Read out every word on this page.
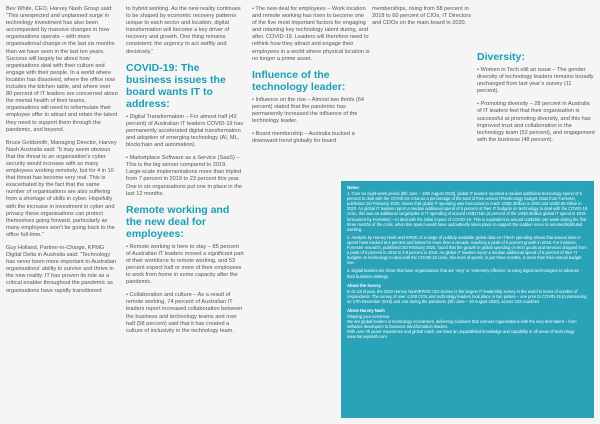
Bev White, CEO, Harvey Nash Group said: “This unexpected and unplanned surge in technology investment has also been accompanied by massive changes in how organisations operate – with more organisational change in the last six months than we have seen in the last ten years. Success will largely be about how organisations deal with their culture and engage with their people. In a world where location has dissolved, where the office now includes the kitchen table, and where over 80 percent of IT leaders are concerned about the mental health of their teams, organisations will need to reformulate their employee offer to attract and retain the talent they need to support them through the pandemic, and beyond.

Bruce Goldsmith, Managing Director, Harvey Nash Australia said: “It may seem obvious that the threat to an organisation’s cyber security would increase with so many employees working remotely, but for 4 in 10 that threat has become very real. This is exacerbated by the fact that the same number of organisations are also suffering from a shortage of skills in cyber. Hopefully with the increase in investment in cyber and privacy these organisations can protect themselves going forward, particularly as many employees won’t be going back to the office full-time.”

Guy Holland, Partner-in-Charge, KPMG Digital Delta in Australia said: “Technology has never been more important to Australian organisations’ ability to survive and thrive in the new reality. IT has proven its role as a critical enabler throughout the pandemic as organisations have rapidly transitioned

to hybrid working. As the new reality continues to be shaped by economic recovery patterns unique to each sector and location, digital transformation will become a key driver of recovery and growth. One thing remains consistent; the urgency to act swiftly and decisively.”

COVID-19: The business issues the board wants IT to address:

• Digital Transformation – For almost half (42 percent) of Australian IT leaders COVID-19 has permanently accelerated digital transformation and adoption of emerging technology (AI, ML, blockchain and automation).

• Marketplace Software as a Service (SaaS) – This is the big winner compared to 2019. Large-scale implementations more than tripled from 7 percent in 2019 to 23 percent this year. One in six organisations put one in place in the last 12 months.

Remote working and the new deal for employees:

• Remote working is here to stay – 85 percent of Australian IT leaders moved a significant part of their workforce to remote working, and 53 percent expect half or more of their employees to work from home in some capacity after the pandemic.

• Collaboration and culture – As a result of remote working, 74 percent of Australian IT leaders report increased collaboration between the business and technology teams and over half (58 percent) said that it has created a culture of inclusivity in the technology team.

• The new deal for employees – Work location and remote working has risen to become one of the five most important factors for engaging and retaining key technology talent during, and after, COVID-19. Leaders will therefore need to rethink how they attract and engage their employees in a world where physical location is no longer a prime asset.

Influence of the technology leader:

• Influence on the rise – Almost two thirds (64 percent) stated that the pandemic has permanently increased the influence of the technology leader.

• Board membership – Australia bucked a downward trend globally for board

memberships, rising from 58 percent in 2018 to 60 percent of CIOs, IT Directors and CDOs on the main board in 2020.

Diversity:

• Women in Tech still an issue – The gender diversity of technology leaders remains broadly unchanged from last year’s survey (11 percent).

• Promoting diversity – 28 percent in Australia of IT leaders feel that their organisation is successful at promoting diversity, and this has improved trust and collaboration in the technology team (52 percent), and engagement with the business (48 percent).

Notes:

1. Over an eight-week period [5th June – 10th August 2020], global IT leaders reported a median additional technology spend of 5 percent to deal with the COVID-19 crisis as a percentage of the total of their annual IT/technology budget. Data from Forrester, published 3rd February 2020, shows that global IT spending was forecasted to reach US$3.3trillion in 2020 and US$3.59 trillion in 2020. As global IT leaders report a median additional spend of 5 percent of their IT budgets on technology to deal with the COVID-19 crisis, this was an additional surge/spike in IT spending of around US$171bn (5 percent of the US$3.3trillion global IT spend in 2019 forecasted by Forrester) – to deal with the initial impact of COVID-19. This is equivalent to around US$15bn per week during the first three months of the crisis, when this spend would have undoubtedly taken place to support the sudden move to remote/distributed working.

2. Analysis by Harvey Nash and KPMG of a range of publicly available global data on IT/tech spending shows that annual rises in spend have tracked at 5 percent and below for more than a decade, reaching a peak of 5 percent growth in 2018. For instance, Forrester research, published 3rd February 2020, found that the growth in global spending on tech goods and services dropped from a peak of 5 percent in 2018 to 3.9 percent in 2019. As global IT leaders report a median additional spend of 5 percent of their IT budgets on technology to deal with the COVID-19 crisis, this level of spend, in just three months, is more than their annual budget rise.

3. Digital leaders are those that have organisations that are ‘very’ or ‘extremely effective’ at using digital technologies to advance their business strategy.

About the Survey

In its 22nd year, the 2020 Harvey Nash/KPMG CIO Survey is the largest IT leadership survey in the world in terms of number of respondents. The survey of over 4,200 CIOs and technology leaders took place in two pulses – one prior to COVID-19 (commencing on 17th December 2019) and one during the pandemic (5th June – 10 August 2020), across 103 countries.

About Harvey Nash

Shaping your tomorrow

We are global leaders in technology recruitment, delivering solutions that connect organisations with the very best talent – from software developers to business transformation leaders.

With over 30 years’ experience and global reach, we have an unparalleled knowledge and capability in all areas of technology.

www.harveynash.com
